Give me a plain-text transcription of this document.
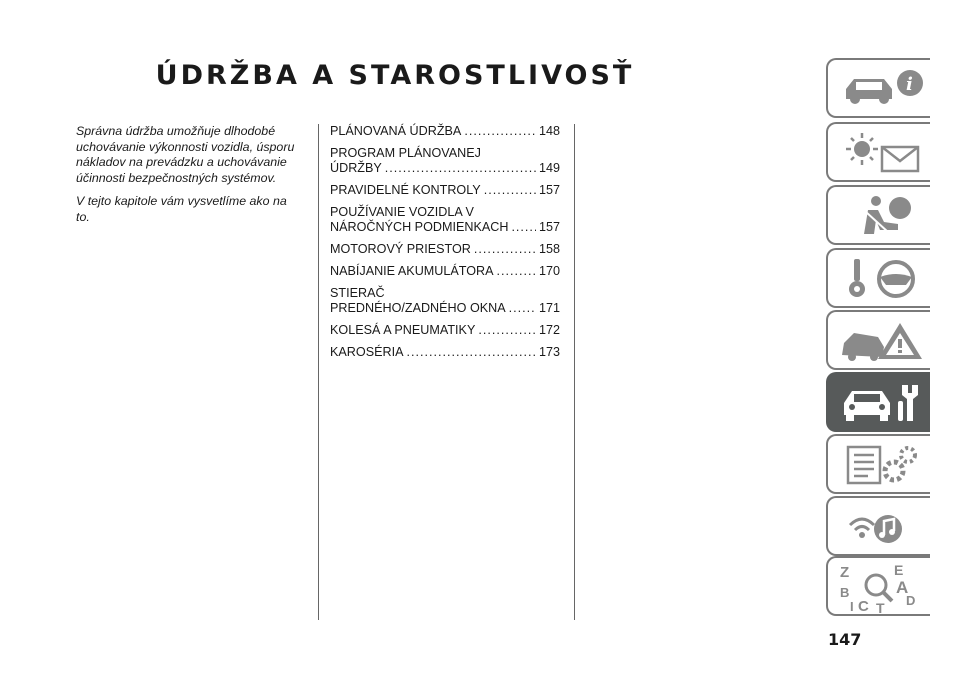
ÚDRŽBA A STAROSTLIVOSŤ

Správna údržba umožňuje dlhodobé uchovávanie výkonnosti vozidla, úsporu nákladov na prevádzku a uchovávanie účinnosti bezpečnostných systémov.

V tejto kapitole vám vysvetlíme ako na to.

PLÁNOVANÁ ÚDRŽBA .....	148
PROGRAM PLÁNOVANEJ
ÚDRŽBY .....	149
PRAVIDELNÉ KONTROLY .....	157
POUŽÍVANIE VOZIDLA V
NÁROČNÝCH PODMIENKACH ..... 157
MOTOROVÝ PRIESTOR .....	158
NABÍJANIE AKUMULÁTORA .....	170
STIERAČ
PREDNÉHO/ZADNÉHO OKNA .....	171
KOLESÁ A PNEUMATIKY .....	172
KAROSÉRIA .....	173
147
i
Z	E
A
B
C	D
I T
